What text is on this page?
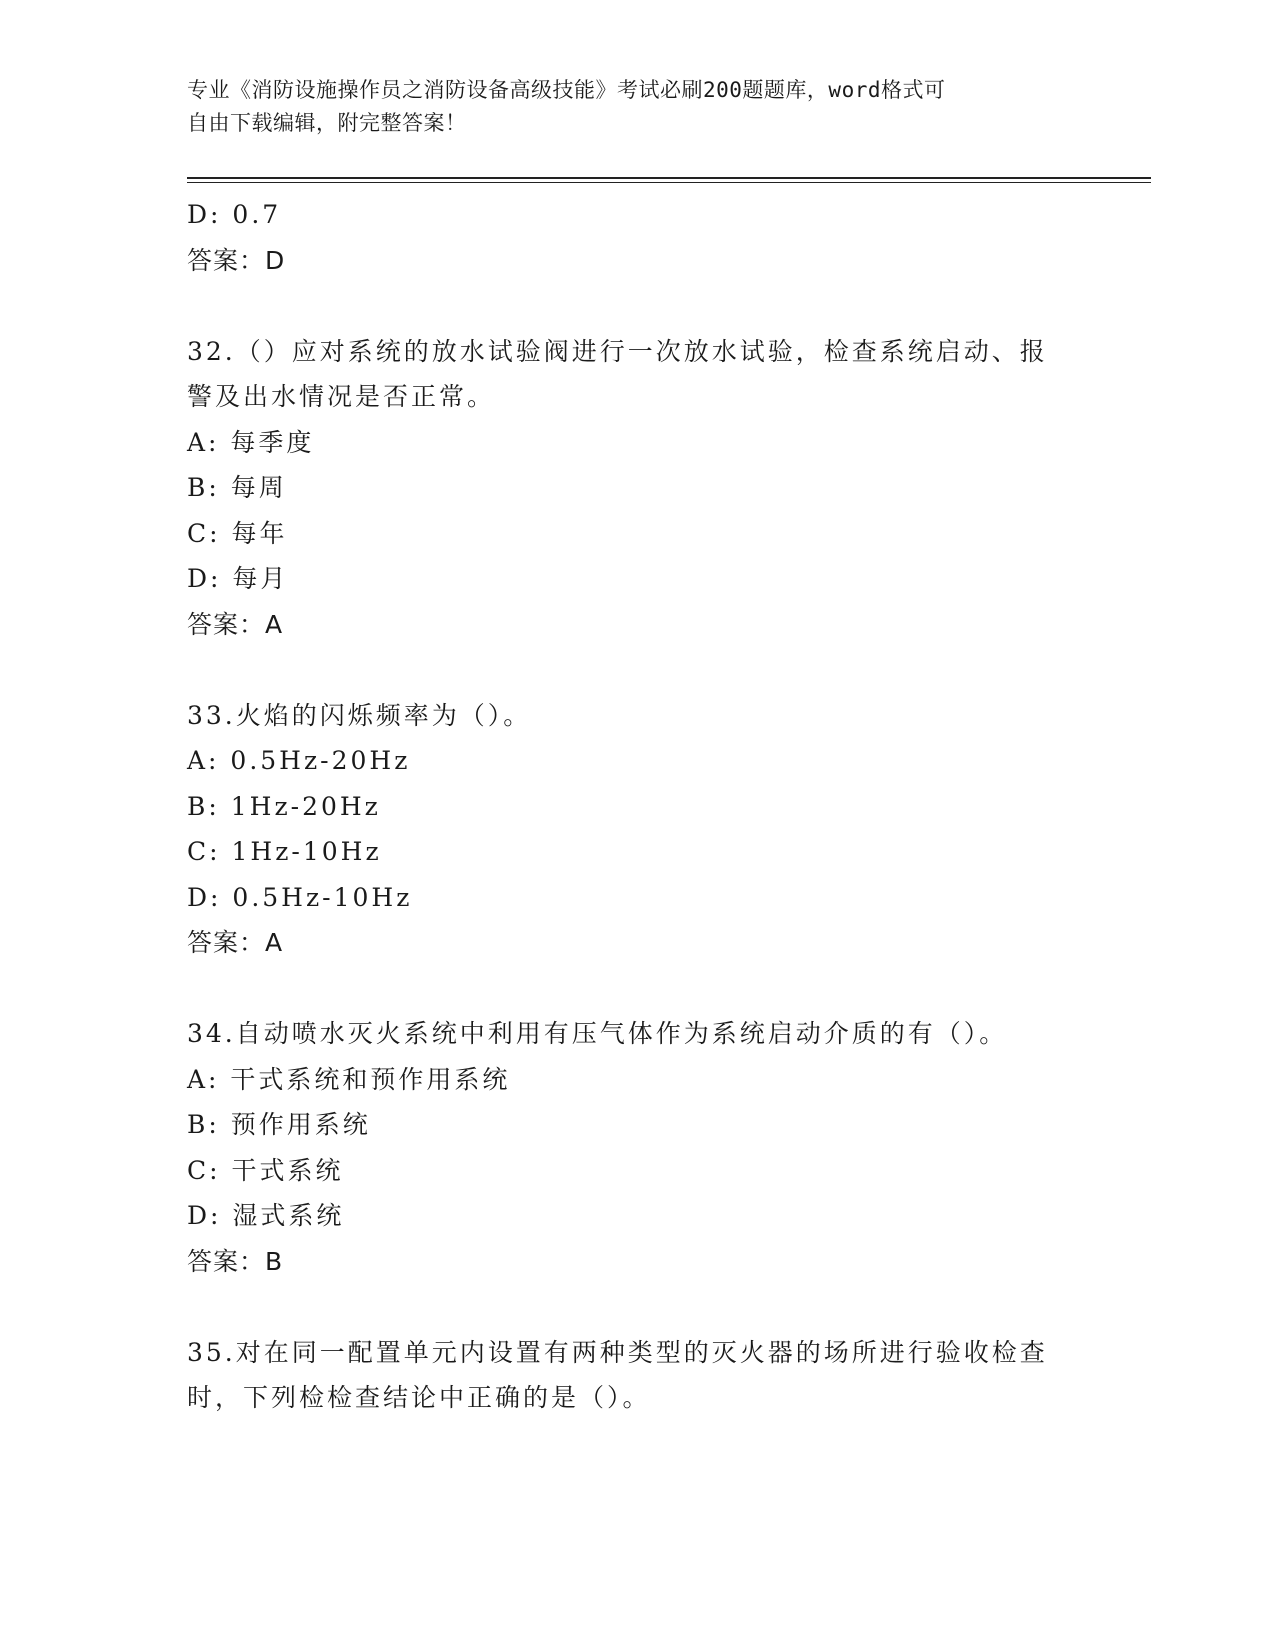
专业《消防设施操作员之消防设备高级技能》考试必刷200题题库，word格式可
自由下载编辑，附完整答案！
D: 0.7
答案：D
32.（）应对系统的放水试验阀进行一次放水试验，检查系统启动、报
警及出水情况是否正常。
A: 每季度
B: 每周
C: 每年
D: 每月
答案：A
33.火焰的闪烁频率为（）。
A: 0.5Hz-20Hz
B: 1Hz-20Hz
C: 1Hz-10Hz
D: 0.5Hz-10Hz
答案：A
34.自动喷水灭火系统中利用有压气体作为系统启动介质的有（）。
A: 干式系统和预作用系统
B: 预作用系统
C: 干式系统
D: 湿式系统
答案：B
35.对在同一配置单元内设置有两种类型的灭火器的场所进行验收检查
时，下列检检查结论中正确的是（）。
